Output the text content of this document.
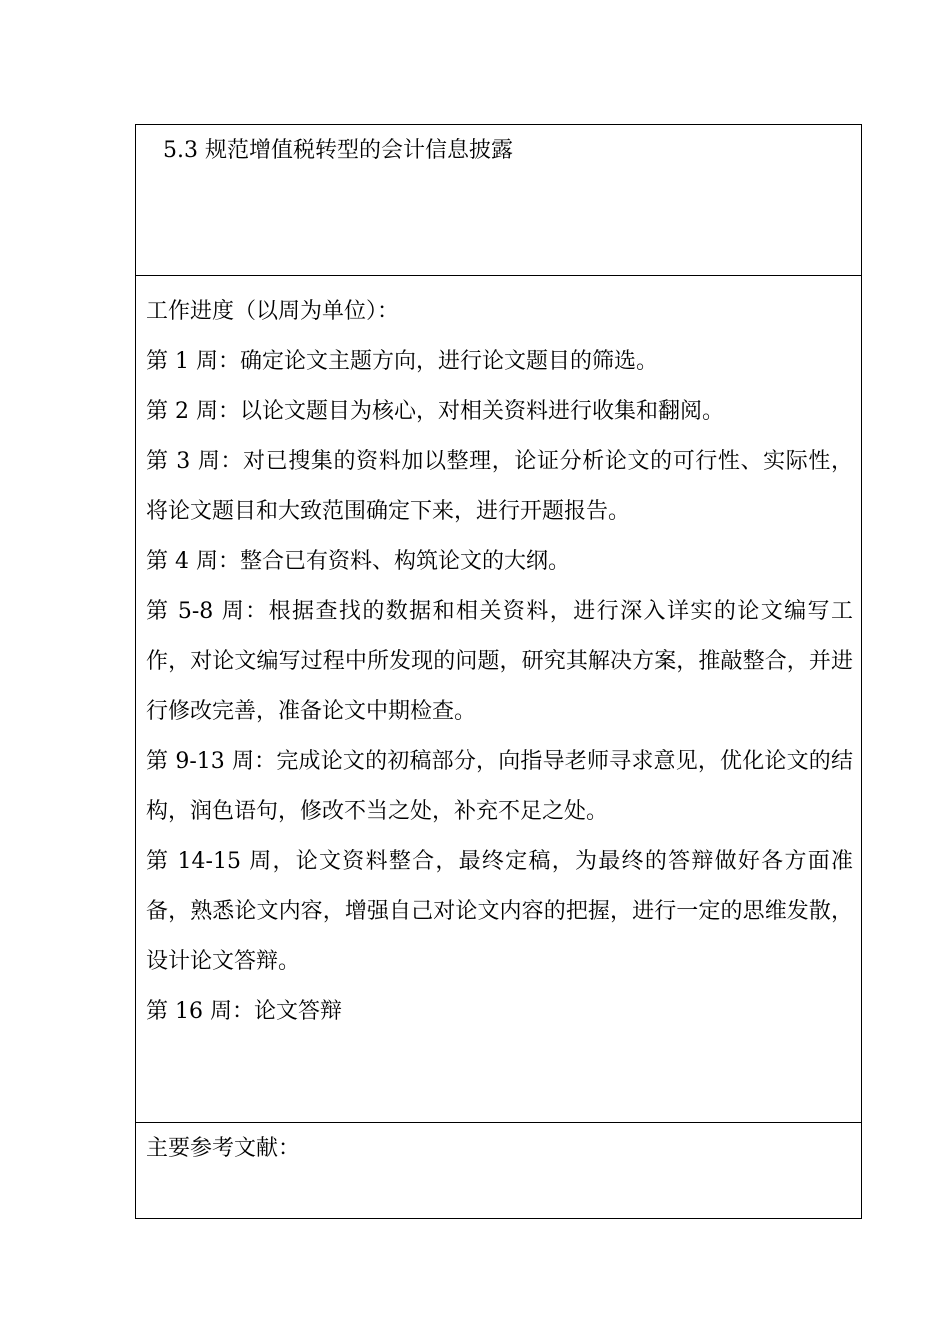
5.3 规范增值税转型的会计信息披露

工作进度（以周为单位）：

第 1 周：确定论文主题方向，进行论文题目的筛选。
第 2 周：以论文题目为核心，对相关资料进行收集和翻阅。
第 3 周：对已搜集的资料加以整理，论证分析论文的可行性、实际性，将论文题目和大致范围确定下来，进行开题报告。
第 4 周：整合已有资料、构筑论文的大纲。
第 5-8 周：根据查找的数据和相关资料，进行深入详实的论文编写工作，对论文编写过程中所发现的问题，研究其解决方案，推敲整合，并进行修改完善，准备论文中期检查。
第 9-13 周：完成论文的初稿部分，向指导老师寻求意见，优化论文的结构，润色语句，修改不当之处，补充不足之处。
第 14-15 周，论文资料整合，最终定稿，为最终的答辩做好各方面准备，熟悉论文内容，增强自己对论文内容的把握，进行一定的思维发散，设计论文答辩。
第 16 周：论文答辩

主要参考文献：
